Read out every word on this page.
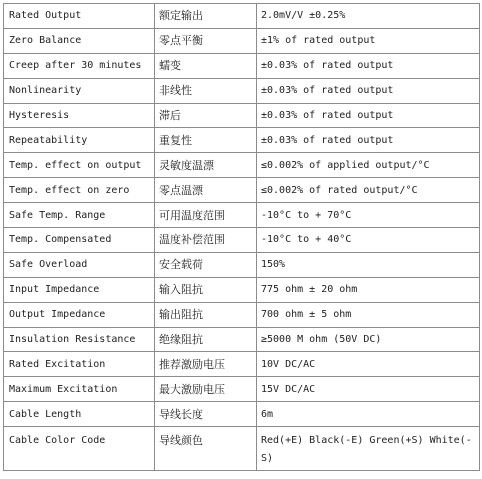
Rated Output	额定输出	2.0mV/V ±0.25%
Zero Balance	零点平衡	±1% of rated output
Creep after 30 minutes	蠕变	±0.03% of rated output
Nonlinearity	非线性	±0.03% of rated output
Hysteresis	滞后	±0.03% of rated output
Repeatability	重复性	±0.03% of rated output
Temp. effect on output	灵敏度温漂	≤0.002% of applied output/°C
Temp. effect on zero	零点温漂	≤0.002% of rated output/°C
Safe Temp. Range	可用温度范围	-10°C to + 70°C
Temp. Compensated	温度补偿范围	-10°C to + 40°C
Safe Overload	安全载荷	150%
Input Impedance	输入阻抗	775 ohm ± 20 ohm
Output Impedance	输出阻抗	700 ohm ± 5 ohm
Insulation Resistance	绝缘阻抗	≥5000 M ohm (50V DC)
Rated Excitation	推荐激励电压	10V DC/AC
Maximum Excitation	最大激励电压	15V DC/AC
Cable Length	导线长度	6m
Cable Color Code	导线颜色	Red(+E) Black(-E) Green(+S) White(-S)
